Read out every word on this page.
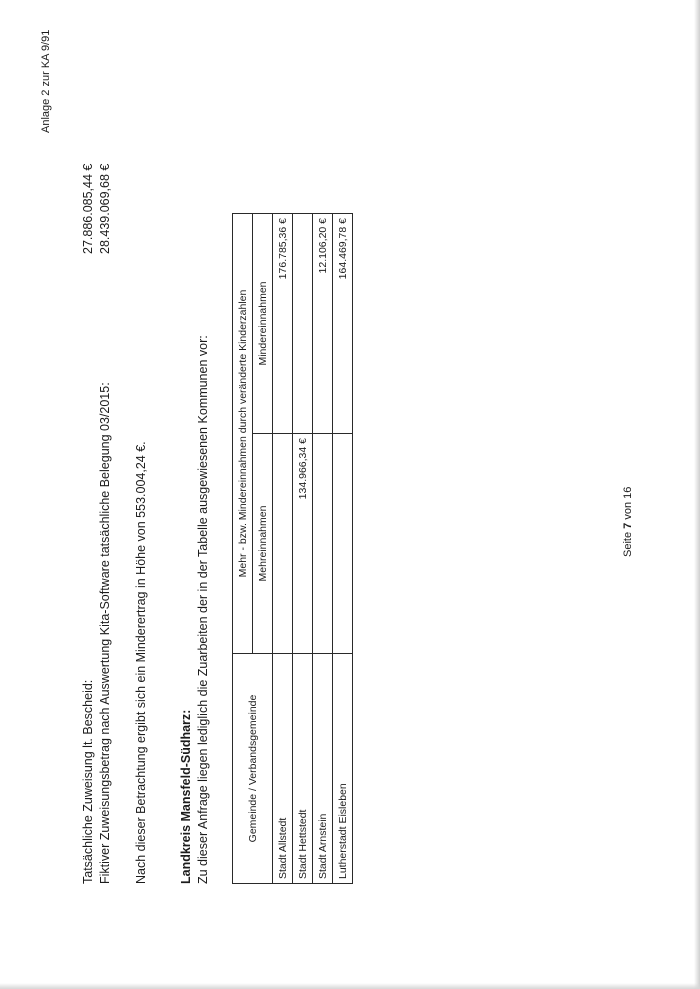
Anlage 2 zur KA 9/91
Tatsächliche Zuweisung lt. Bescheid:
27.886.085,44 €
Fiktiver Zuweisungsbetrag nach Auswertung Kita-Software tatsächliche Belegung 03/2015:
28.439.069,68 €
Nach dieser Betrachtung ergibt sich ein Minderertrag in Höhe von 553.004,24 €. Landkreis Mansfeld-Südharz: Zu dieser Anfrage liegen lediglich die Zuarbeiten der in der Tabelle ausgewiesenen Kommunen vor:	Gemeinde / Verbandsgemeinde	Mehr - bzw. Mindereinnahmen durch veränderte Kinderzahlen	
	Mehreinnahmen	Mindereinnahmen
Stadt Allstedt		176.785,36 €
Stadt Hettstedt	134.966,34 €	
Stadt Arnstein		12.106,20 €
Lutherstadt Eisleben		164.469,78 €
Seite 7 von 16
